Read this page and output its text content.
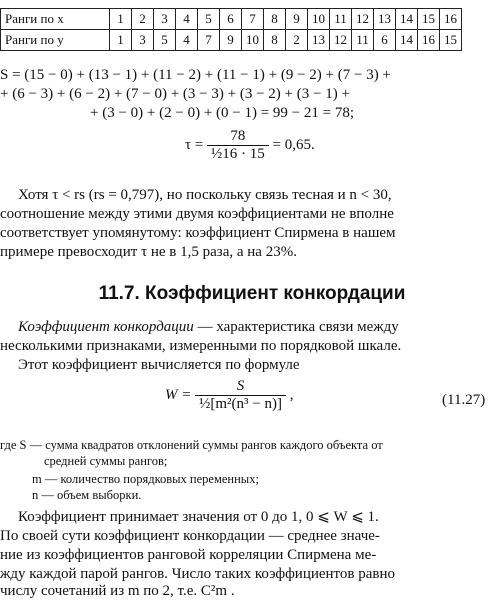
Ранги по x	1	2	3	4	5	6	7	8	9	10	11	12	13	14	15	16
Ранги по y	1	3	5	4	7	9	10	8	2	13	12	11	6	14	16	15
S = (15 − 0) + (13 − 1) + (11 − 2) + (11 − 1) + (9 − 2) + (7 − 3) +
+ (6 − 3) + (6 − 2) + (7 − 0) + (3 − 3) + (3 − 2) + (3 − 1) +
+ (3 − 0) + (2 − 0) + (0 − 1) = 99 − 21 = 78;
$\tau = \frac{78}{\text{½16 · 15}} = 0,65$.
Хотя τ < rs (rs = 0,797), но поскольку связь тесная и n < 30,
соотношение между этими двумя коэффициентами не вполне
соответствует упомянутому: коэффициент Спирмена в нашем
примере превосходит τ не в 1,5 раза, а на 23%.
11.7. Коэффициент конкордации
Коэффициент конкордации — характеристика связи между
несколькими признаками, измеренными по порядковой шкале.
Этот коэффициент вычисляется по формуле
$W = \frac{S}{\text{½[m²(n³ − n)]}}$ ,	(11.27)
где S — сумма квадратов отклонений суммы рангов каждого объекта от
средней суммы рангов;
m — количество порядковых переменных;
n — объем выборки.
Коэффициент принимает значения от 0 до 1, 0 ⩽ W ⩽ 1.
По своей сути коэффициент конкордации — среднее значе-
ние из коэффициентов ранговой корреляции Спирмена ме-
жду каждой парой рангов. Число таких коэффициентов равно
числу сочетаний из m по 2, т.е. C²m .
